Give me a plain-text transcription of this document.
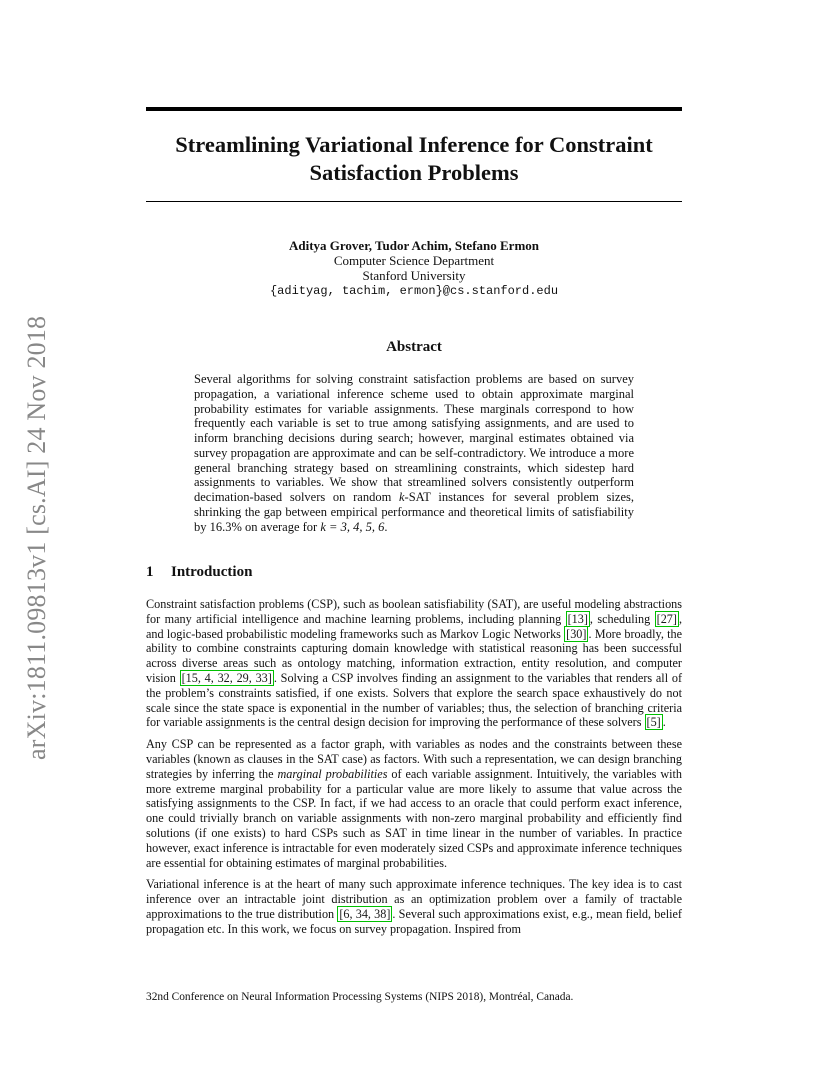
arXiv:1811.09813v1 [cs.AI] 24 Nov 2018
Streamlining Variational Inference for Constraint Satisfaction Problems
Aditya Grover, Tudor Achim, Stefano Ermon
Computer Science Department
Stanford University
{adityag, tachim, ermon}@cs.stanford.edu
Abstract
Several algorithms for solving constraint satisfaction problems are based on survey propagation, a variational inference scheme used to obtain approximate marginal probability estimates for variable assignments. These marginals correspond to how frequently each variable is set to true among satisfying assignments, and are used to inform branching decisions during search; however, marginal estimates obtained via survey propagation are approximate and can be self-contradictory. We introduce a more general branching strategy based on streamlining constraints, which sidestep hard assignments to variables. We show that streamlined solvers consistently outperform decimation-based solvers on random k-SAT instances for several problem sizes, shrinking the gap between empirical performance and theoretical limits of satisfiability by 16.3% on average for k = 3, 4, 5, 6.
1 Introduction

Constraint satisfaction problems (CSP), such as boolean satisfiability (SAT), are useful modeling abstractions for many artificial intelligence and machine learning problems, including planning [13] , scheduling [27] , and logic-based probabilistic modeling frameworks such as Markov Logic Networks [30] . More broadly, the ability to combine constraints capturing domain knowledge with statistical reasoning has been successful across diverse areas such as ontology matching, information extraction, entity resolution, and computer vision [15, 4, 32, 29, 33] . Solving a CSP involves finding an assignment to the variables that renders all of the problem’s constraints satisfied, if one exists. Solvers that explore the search space exhaustively do not scale since the state space is exponential in the number of variables; thus, the selection of branching criteria for variable assignments is the central design decision for improving the performance of these solvers [5] .

Any CSP can be represented as a factor graph, with variables as nodes and the constraints between these variables (known as clauses in the SAT case) as factors. With such a representation, we can design branching strategies by inferring the marginal probabilities of each variable assignment. Intuitively, the variables with more extreme marginal probability for a particular value are more likely to assume that value across the satisfying assignments to the CSP. In fact, if we had access to an oracle that could perform exact inference, one could trivially branch on variable assignments with non-zero marginal probability and efficiently find solutions (if one exists) to hard CSPs such as SAT in time linear in the number of variables. In practice however, exact inference is intractable for even moderately sized CSPs and approximate inference techniques are essential for obtaining estimates of marginal probabilities.

Variational inference is at the heart of many such approximate inference techniques. The key idea is to cast inference over an intractable joint distribution as an optimization problem over a family of tractable approximations to the true distribution [6, 34, 38] . Several such approximations exist, e.g., mean field, belief propagation etc. In this work, we focus on survey propagation. Inspired from

32nd Conference on Neural Information Processing Systems (NIPS 2018), Montréal, Canada.
